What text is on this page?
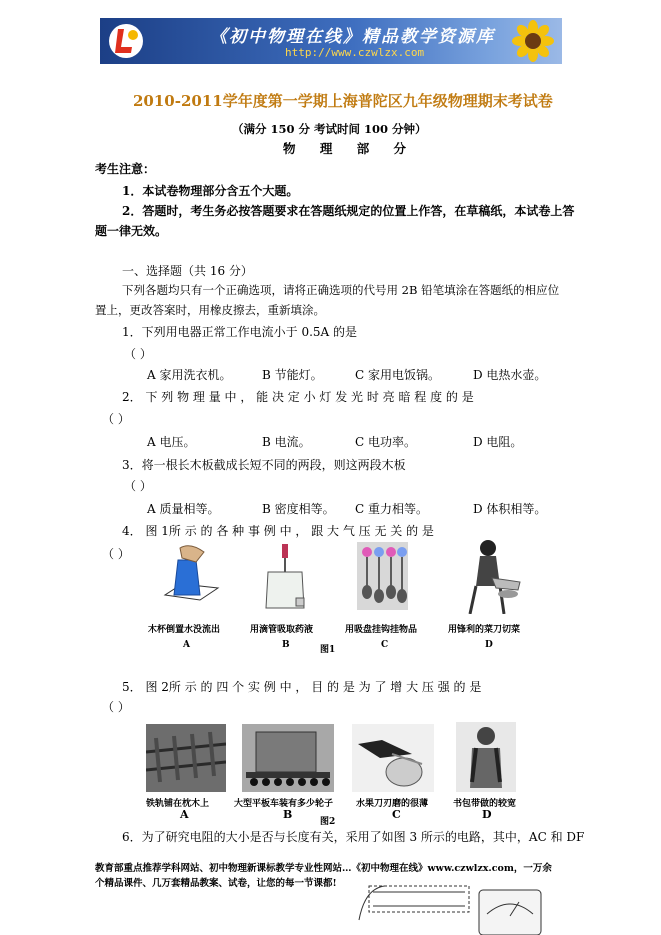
《初中物理在线》精品教学资源库
http://www.czwlzx.com
2010-2011学年度第一学期上海普陀区九年级物理期末考试卷
（满分 150 分 考试时间 100 分钟）
物 理 部 分
考生注意：
1．本试卷物理部分含五个大题。
2．答题时，考生务必按答题要求在答题纸规定的位置上作答，在草稿纸，本试卷上答
题一律无效。
一、选择题（共 16 分）
下列各题均只有一个正确选项，请将正确选项的代号用 2B 铅笔填涂在答题纸的相应位
置上，更改答案时，用橡皮擦去，重新填涂。
1．下列用电器正常工作电流小于 0.5A 的是
（ ）
A 家用洗衣机。	B 节能灯。	C 家用电饭锅。	D 电热水壶。
2． 下 列 物 理 量 中 ， 能 决 定 小 灯 发 光 时 亮 暗 程 度 的 是
（ ）
A 电压。	B 电流。	C 电功率。	D 电阻。
3．将一根长木板截成长短不同的两段，则这两段木板
（ ）
A 质量相等。	B 密度相等。 C 重力相等。	D 体积相等。
4． 图 1所 示 的 各 种 事 例 中 ， 跟 大 气 压 无 关 的 是
（ ）
木杯倒置水没流出	用滴管吸取药液	用吸盘挂钩挂物品	用锋利的菜刀切菜
A	B	图1	C	D
5． 图 2所 示 的 四 个 实 例 中 ， 目 的 是 为 了 增 大 压 强 的 是
（ ）
铁轨铺在枕木上	大型平板车装有多少轮子	水果刀刃磨的很薄	书包带做的较宽
A	B	C	D
图2
6．为了研究电阻的大小是否与长度有关，采用了如图 3 所示的电路，其中，AC 和 DF
教育部重点推荐学科网站、初中物理新课标教学专业性网站…《初中物理在线》www.czwlzx.com，一万余
个精品课件、几万套精品教案、试卷，让您的每一节课都!
